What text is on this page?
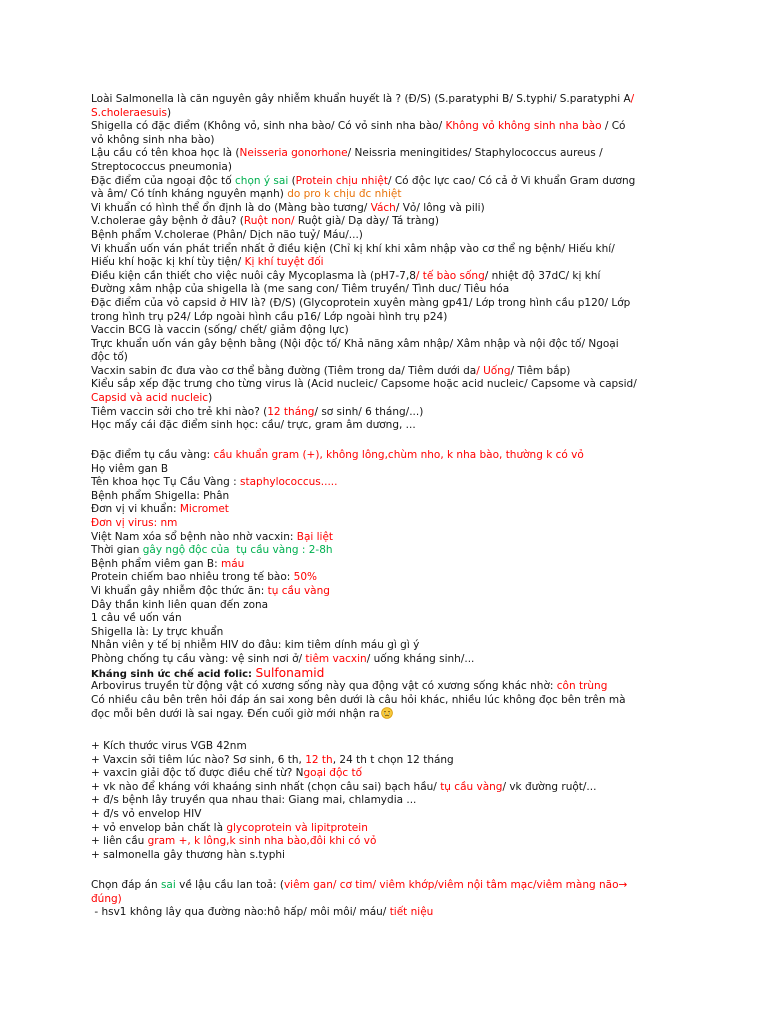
Loài Salmonella là căn nguyên gây nhiễm khuẩn huyết là ? (Đ/S) (S.paratyphi B/ S.typhi/ S.paratyphi A/
S.choleraesuis)
Shigella có đặc điểm (Không vỏ, sinh nha bào/ Có vỏ sinh nha bào/ Không vỏ không sinh nha bào / Có
vỏ không sinh nha bào)
Lậu cầu có tên khoa học là (Neisseria gonorhone/ Neissria meningitides/ Staphylococcus aureus /
Streptococcus pneumonia)
Đặc điểm của ngoại độc tố chọn ý sai (Protein chịu nhiệt/ Có độc lực cao/ Có cả ở Vi khuẩn Gram dương
và âm/ Có tính kháng nguyên mạnh) do pro k chịu đc nhiệt
Vi khuẩn có hình thể ổn định là do (Màng bào tương/ Vách/ Vỏ/ lông và pili)
V.cholerae gây bệnh ở đâu? (Ruột non/ Ruột già/ Dạ dày/ Tá tràng)
Bệnh phẩm V.cholerae (Phân/ Dịch não tuỷ/ Máu/...)
Vi khuẩn uốn ván phát triển nhất ở điều kiện (Chỉ kị khí khi xâm nhập vào cơ thể ng bệnh/ Hiếu khí/
Hiếu khí hoặc kị khí tùy tiện/ Kị khí tuyệt đối
Điều kiện cần thiết cho việc nuôi cây Mycoplasma là (pH7-7,8/ tế bào sống/ nhiệt độ 37dC/ kị khí
Đường xâm nhập của shigella là (me sang con/ Tiêm truyền/ Tình duc/ Tiêu hóa
Đặc điểm của vỏ capsid ở HIV là? (Đ/S) (Glycoprotein xuyên màng gp41/ Lớp trong hình cầu p120/ Lớp
trong hình trụ p24/ Lớp ngoài hình cầu p16/ Lớp ngoài hình trụ p24)
Vaccin BCG là vaccin (sống/ chết/ giảm động lực)
Trực khuẩn uốn ván gây bệnh bằng (Nội độc tố/ Khả năng xâm nhập/ Xâm nhập và nội độc tố/ Ngoại
độc tố)
Vacxin sabin đc đưa vào cơ thể bằng đường (Tiêm trong da/ Tiêm dưới da/ Uống/ Tiêm bắp)
Kiểu sắp xếp đặc trưng cho từng virus là (Acid nucleic/ Capsome hoặc acid nucleic/ Capsome và capsid/
Capsid và acid nucleic)
Tiêm vaccin sởi cho trẻ khi nào? (12 tháng/ sơ sinh/ 6 tháng/...)
Học mấy cái đặc điểm sinh học: cầu/ trực, gram âm dương, ...
Đặc điểm tụ cầu vàng: cầu khuẩn gram (+), không lông,chùm nho, k nha bào, thường k có vỏ
Họ viêm gan B
Tên khoa học Tụ Cầu Vàng : staphylococcus.....
Bệnh phẩm Shigella: Phân
Đơn vị vi khuẩn: Micromet
Đơn vị virus: nm
Việt Nam xóa sổ bệnh nào nhờ vacxin: Bại liệt
Thời gian gây ngộ độc của  tụ cầu vàng : 2-8h
Bệnh phẩm viêm gan B: máu
Protein chiếm bao nhiêu trong tế bào: 50%
Vi khuẩn gây nhiễm độc thức ăn: tụ cầu vàng
Dây thần kinh liên quan đến zona
1 câu về uốn ván
Shigella là: Ly trực khuẩn
Nhân viên y tế bị nhiễm HIV do đâu: kim tiêm dính máu gì gì ý
Phòng chống tụ cầu vàng: vệ sinh nơi ở/ tiêm vacxin/ uống kháng sinh/...
Kháng sinh ức chế acid folic: Sulfonamid
Arbovirus truyền từ động vật có xương sống này qua động vật có xương sống khác nhờ: côn trùng
Có nhiều câu bên trên hỏi đáp án sai xong bên dưới là câu hỏi khác, nhiều lúc không đọc bên trên mà
đọc mỗi bên dưới là sai ngay. Đến cuối giờ mới nhận ra
+ Kích thước virus VGB 42nm
+ Vaxcin sởi tiêm lúc nào? Sơ sinh, 6 th, 12 th, 24 th t chọn 12 tháng
+ vaxcin giải độc tố được điều chế từ? Ngoại độc tố
+ vk nào để kháng với khaáng sinh nhất (chọn câu sai) bạch hầu/ tụ cầu vàng/ vk đường ruột/...
+ đ/s bệnh lây truyền qua nhau thai: Giang mai, chlamydia ...
+ đ/s vỏ envelop HIV
+ vỏ envelop bản chất là glycoprotein và lipitprotein
+ liên cầu gram +, k lông,k sinh nha bào,đôi khi có vỏ
+ salmonella gây thương hàn s.typhi
Chọn đáp án sai về lậu cầu lan toả: (viêm gan/ cơ tim/ viêm khớp/viêm nội tâm mạc/viêm màng não→
đúng)
- hsv1 không lây qua đường nào:hô hấp/ môi môi/ máu/ tiết niệu
